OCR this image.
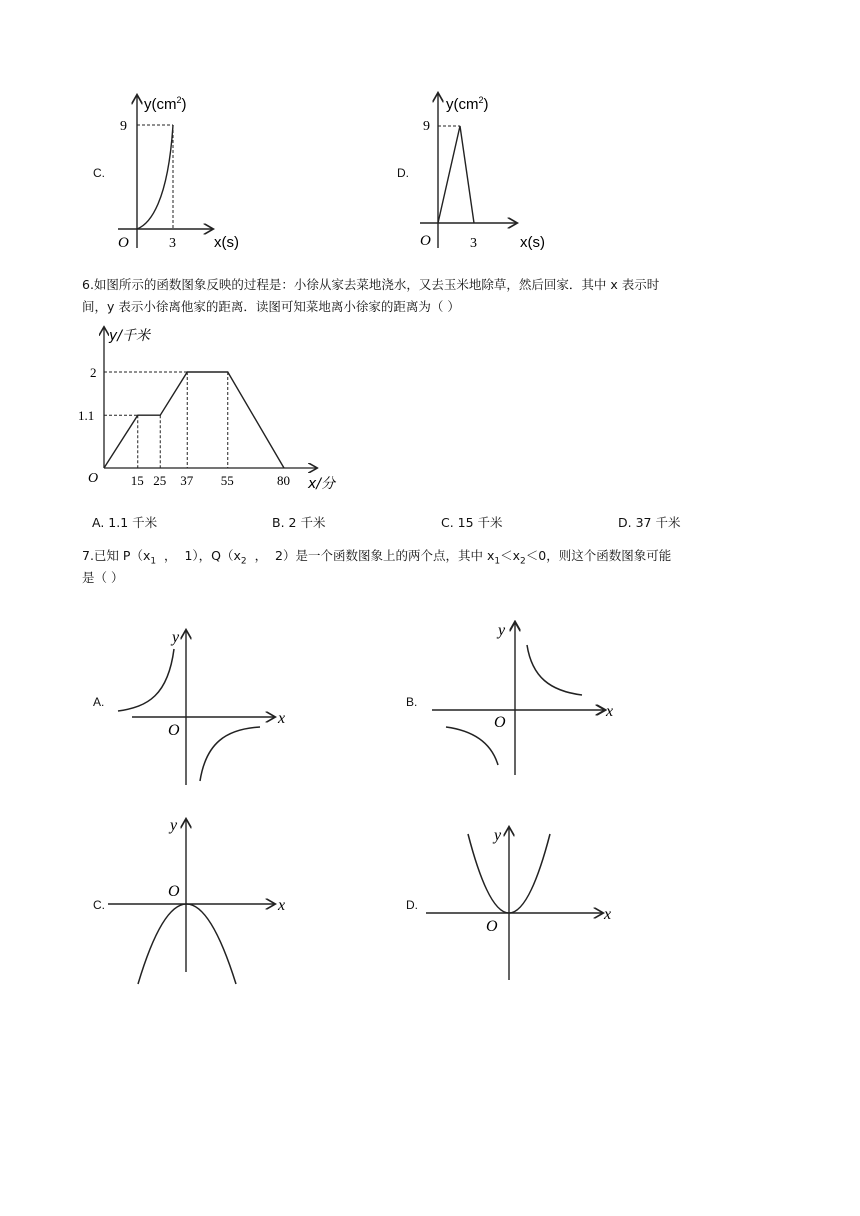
C.
$y(cm^2)$
9
3	x(s)
O
D.
$y(cm^2)$
9
3	x(s)
O
6.如图所示的函数图象反映的过程是：小徐从家去菜地浇水，又去玉米地除草，然后回家．其中 x 表示时
间，y 表示小徐离他家的距离．读图可知菜地离小徐家的距离为（ ）
15 25 37 55	80
1.1
2
y/千米
x/分
O
A. 1.1 千米	B. 2 千米	C. 15 千米	D. 37 千米
7.已知 $P(x_1$  ，  1），$Q(x_2$  ，  2）是一个函数图象上的两个点，其中 $x_1<x_2<0$，则这个函数图象可能
是（ ）
A.
y
x
O
B.
y
x
O
C.
y
x
O
D.
y
x
O
